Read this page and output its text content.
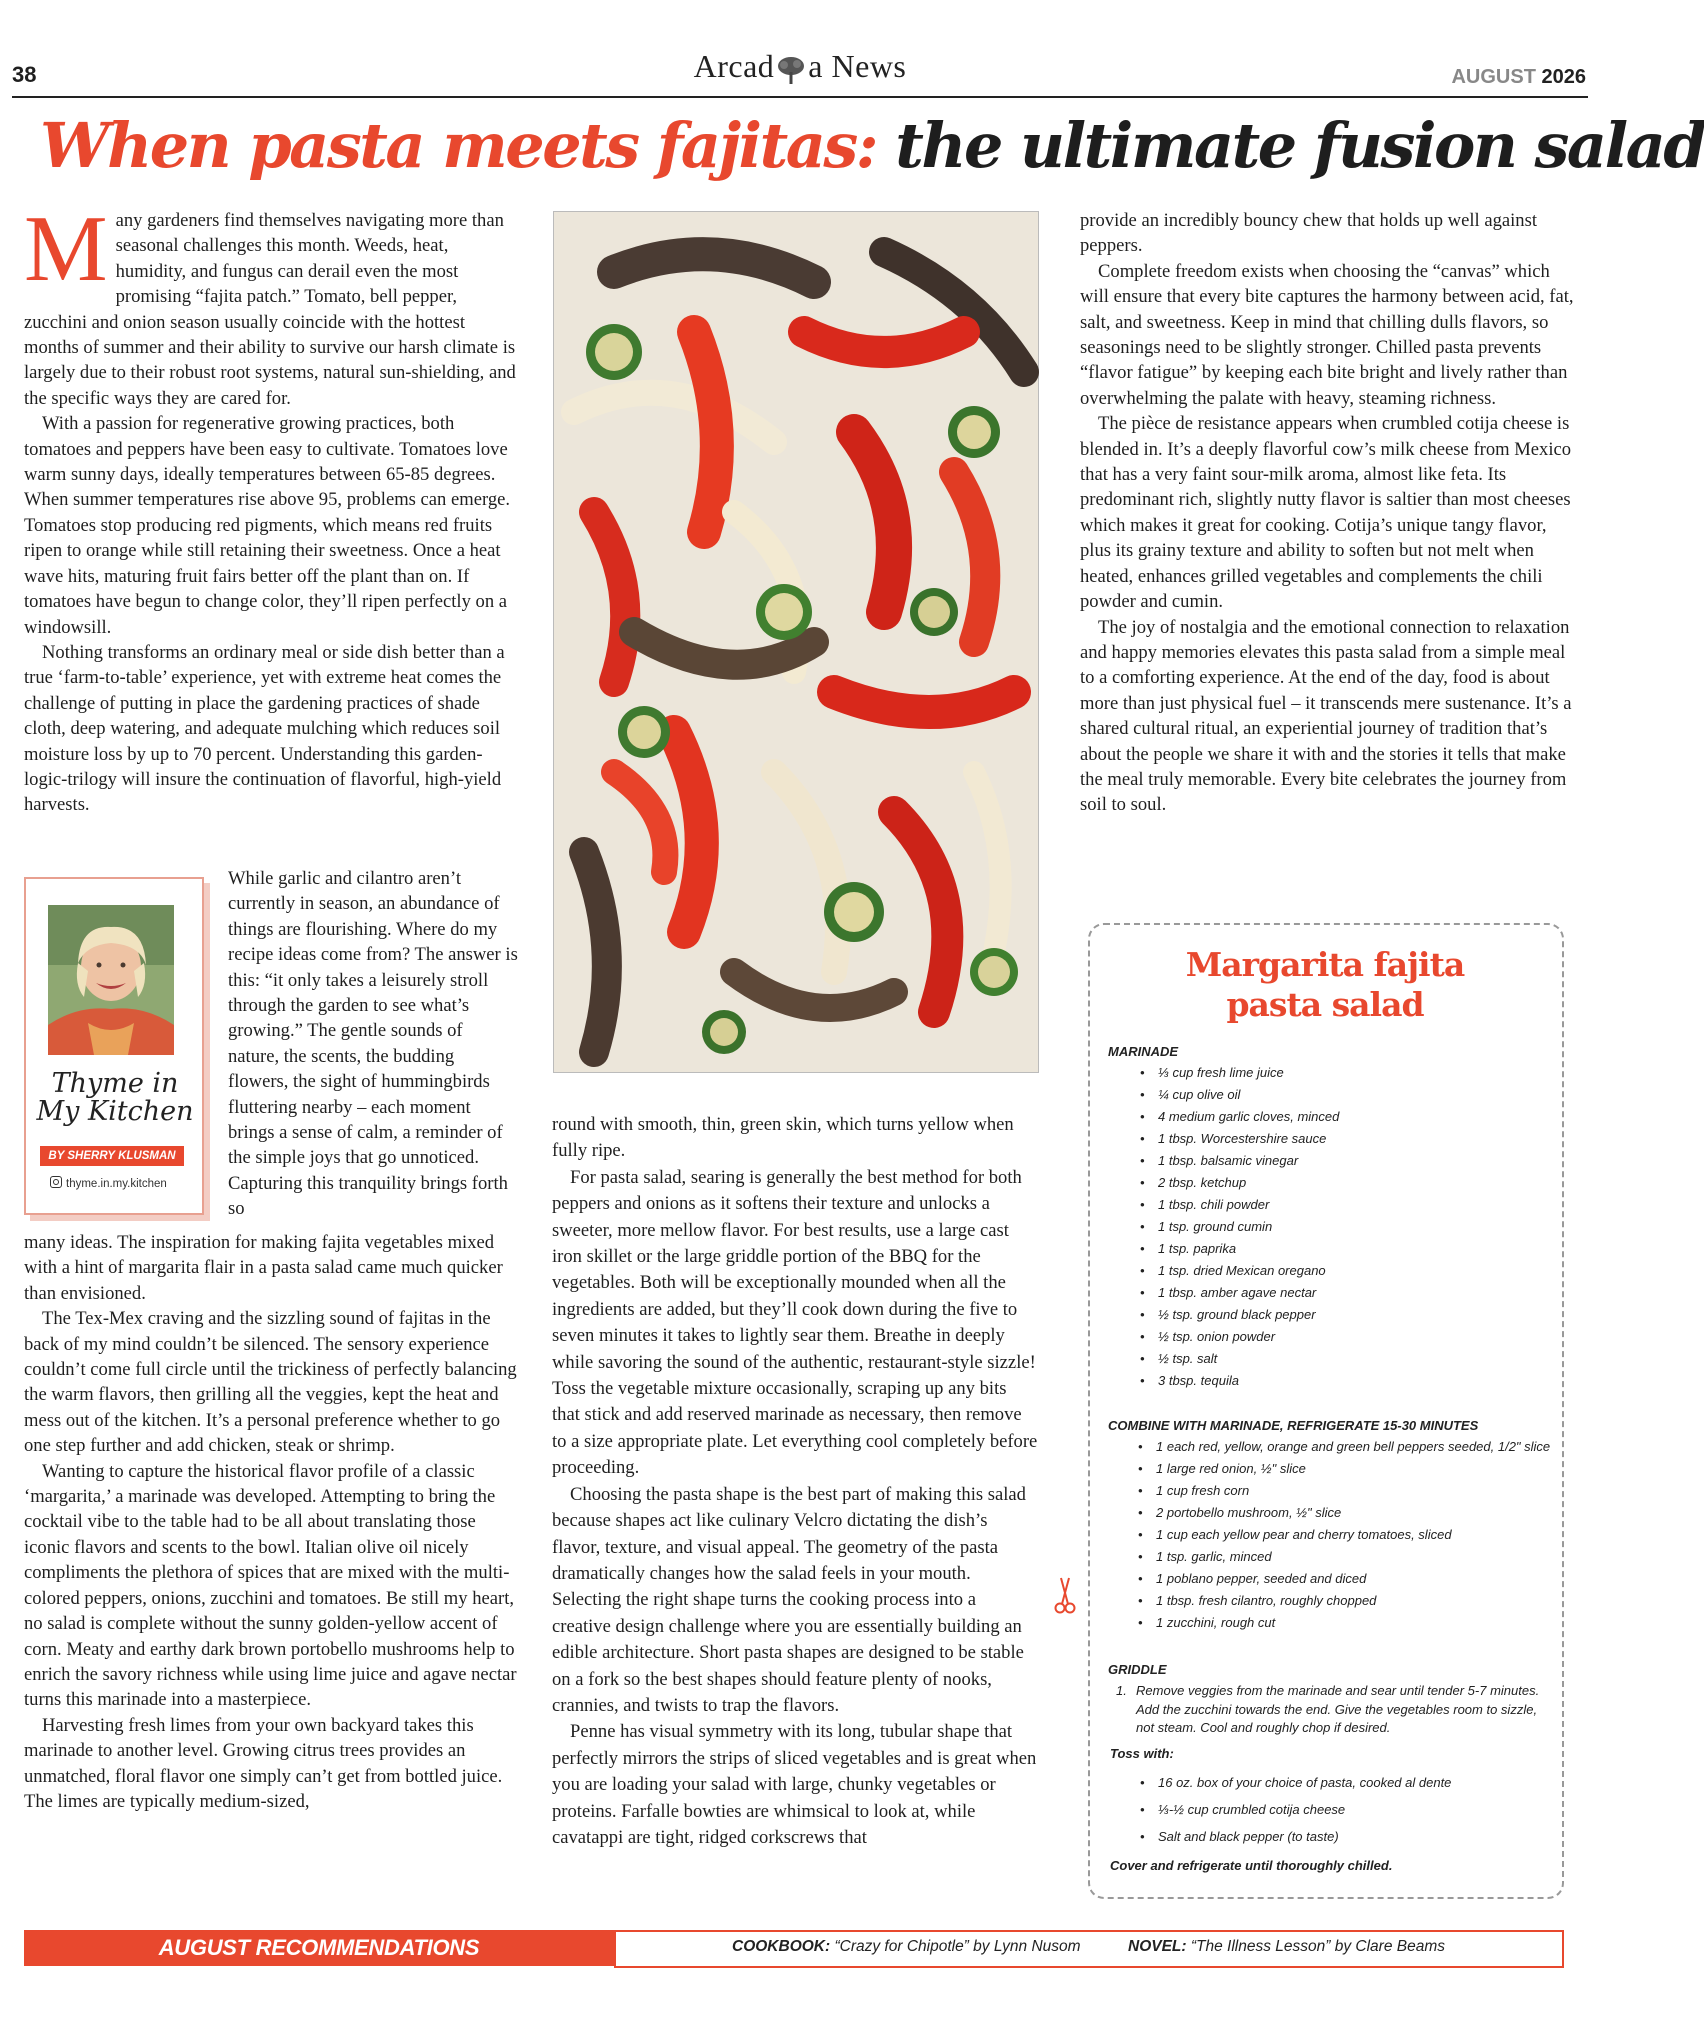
38	Arcad a News	AUGUST 2026
When pasta meets fajitas: the ultimate fusion salad
M any gardeners find themselves navigating more than seasonal challenges this month. Weeds, heat, humidity, and fungus can derail even the most promising “fajita patch.” Tomato, bell pepper, zucchini and onion season usually coincide with the hottest months of summer and their ability to survive our harsh climate is largely due to their robust root systems, natural sun-shielding, and the specific ways they are cared for.

With a passion for regenerative growing practices, both tomatoes and peppers have been easy to cultivate. Tomatoes love warm sunny days, ideally temperatures between 65-85 degrees. When summer temperatures rise above 95, problems can emerge. Tomatoes stop producing red pigments, which means red fruits ripen to orange while still retaining their sweetness. Once a heat wave hits, maturing fruit fairs better off the plant than on. If tomatoes have begun to change color, they’ll ripen perfectly on a windowsill.

Nothing transforms an ordinary meal or side dish better than a true ‘farm-to-table’ experience, yet with extreme heat comes the challenge of putting in place the gardening practices of shade cloth, deep watering, and adequate mulching which reduces soil moisture loss by up to 70 percent. Understanding this garden-logic-trilogy will insure the continuation of flavorful, high-yield harvests.

While garlic and cilantro aren’t currently in season, an abundance of things are flourishing. Where do my recipe ideas come from? The answer is this: “it only takes a leisurely stroll through the garden to see what’s growing.” The gentle sounds of nature, the scents, the budding flowers, the sight of hummingbirds fluttering nearby – each moment brings a sense of calm, a reminder of the simple joys that go unnoticed. Capturing this tranquility brings forth so

many ideas. The inspiration for making fajita vegetables mixed with a hint of margarita flair in a pasta salad came much quicker than envisioned.

The Tex-Mex craving and the sizzling sound of fajitas in the back of my mind couldn’t be silenced. The sensory experience couldn’t come full circle until the trickiness of perfectly balancing the warm flavors, then grilling all the veggies, kept the heat and mess out of the kitchen. It’s a personal preference whether to go one step further and add chicken, steak or shrimp.

Wanting to capture the historical flavor profile of a classic ‘margarita,’ a marinade was developed. Attempting to bring the cocktail vibe to the table had to be all about translating those iconic flavors and scents to the bowl. Italian olive oil nicely compliments the plethora of spices that are mixed with the multi-colored peppers, onions, zucchini and tomatoes. Be still my heart, no salad is complete without the sunny golden-yellow accent of corn. Meaty and earthy dark brown portobello mushrooms help to enrich the savory richness while using lime juice and agave nectar turns this marinade into a masterpiece.

Harvesting fresh limes from your own backyard takes this marinade to another level. Growing citrus trees provides an unmatched, floral flavor one simply can’t get from bottled juice. The limes are typically medium-sized,

Thyme in
My Kitchen
BY SHERRY KLUSMAN
thyme.in.my.kitchen

round with smooth, thin, green skin, which turns yellow when fully ripe.

For pasta salad, searing is generally the best method for both peppers and onions as it softens their texture and unlocks a sweeter, more mellow flavor. For best results, use a large cast iron skillet or the large griddle portion of the BBQ for the vegetables. Both will be exceptionally mounded when all the ingredients are added, but they’ll cook down during the five to seven minutes it takes to lightly sear them. Breathe in deeply while savoring the sound of the authentic, restaurant-style sizzle! Toss the vegetable mixture occasionally, scraping up any bits that stick and add reserved marinade as necessary, then remove to a size appropriate plate. Let everything cool completely before proceeding.

Choosing the pasta shape is the best part of making this salad because shapes act like culinary Velcro dictating the dish’s flavor, texture, and visual appeal. The geometry of the pasta dramatically changes how the salad feels in your mouth. Selecting the right shape turns the cooking process into a creative design challenge where you are essentially building an edible architecture. Short pasta shapes are designed to be stable on a fork so the best shapes should feature plenty of nooks, crannies, and twists to trap the flavors.

Penne has visual symmetry with its long, tubular shape that perfectly mirrors the strips of sliced vegetables and is great when you are loading your salad with large, chunky vegetables or proteins. Farfalle bowties are whimsical to look at, while cavatappi are tight, ridged corkscrews that

provide an incredibly bouncy chew that holds up well against peppers.

Complete freedom exists when choosing the “canvas” which will ensure that every bite captures the harmony between acid, fat, salt, and sweetness. Keep in mind that chilling dulls flavors, so seasonings need to be slightly stronger. Chilled pasta prevents “flavor fatigue” by keeping each bite bright and lively rather than overwhelming the palate with heavy, steaming richness.

The pièce de resistance appears when crumbled cotija cheese is blended in. It’s a deeply flavorful cow’s milk cheese from Mexico that has a very faint sour-milk aroma, almost like feta. Its predominant rich, slightly nutty flavor is saltier than most cheeses which makes it great for cooking. Cotija’s unique tangy flavor, plus its grainy texture and ability to soften but not melt when heated, enhances grilled vegetables and complements the chili powder and cumin.

The joy of nostalgia and the emotional connection to relaxation and happy memories elevates this pasta salad from a simple meal to a comforting experience. At the end of the day, food is about more than just physical fuel – it transcends mere sustenance. It’s a shared cultural ritual, an experiential journey of tradition that’s about the people we share it with and the stories it tells that make the meal truly memorable. Every bite celebrates the journey from soil to soul.

Margarita fajita
pasta salad
MARINADE
• ⅓ cup fresh lime juice
• ¼ cup olive oil
• 4 medium garlic cloves, minced
• 1 tbsp. Worcestershire sauce
• 1 tbsp. balsamic vinegar
• 2 tbsp. ketchup
• 1 tbsp. chili powder
• 1 tsp. ground cumin
• 1 tsp. paprika
• 1 tsp. dried Mexican oregano
• 1 tbsp. amber agave nectar
• ½ tsp. ground black pepper
• ½ tsp. onion powder
• ½ tsp. salt
• 3 tbsp. tequila
COMBINE WITH MARINADE, REFRIGERATE 15-30 MINUTES
• 1 each red, yellow, orange and green bell peppers seeded, 1/2" slice
• 1 large red onion, ½" slice
• 1 cup fresh corn
• 2 portobello mushroom, ½" slice
• 1 cup each yellow pear and cherry tomatoes, sliced
• 1 tsp. garlic, minced
• 1 poblano pepper, seeded and diced
• 1 tbsp. fresh cilantro, roughly chopped
• 1 zucchini, rough cut
GRIDDLE
1. Remove veggies from the marinade and sear until tender 5-7 minutes. Add the zucchini towards the end. Give the vegetables room to sizzle, not steam. Cool and roughly chop if desired.
Toss with:
• 16 oz. box of your choice of pasta, cooked al dente
• ⅓-½ cup crumbled cotija cheese
• Salt and black pepper (to taste)
Cover and refrigerate until thoroughly chilled.
AUGUST RECOMMENDATIONS	COOKBOOK: “Crazy for Chipotle” by Lynn Nusom	NOVEL: “The Illness Lesson” by Clare Beams
